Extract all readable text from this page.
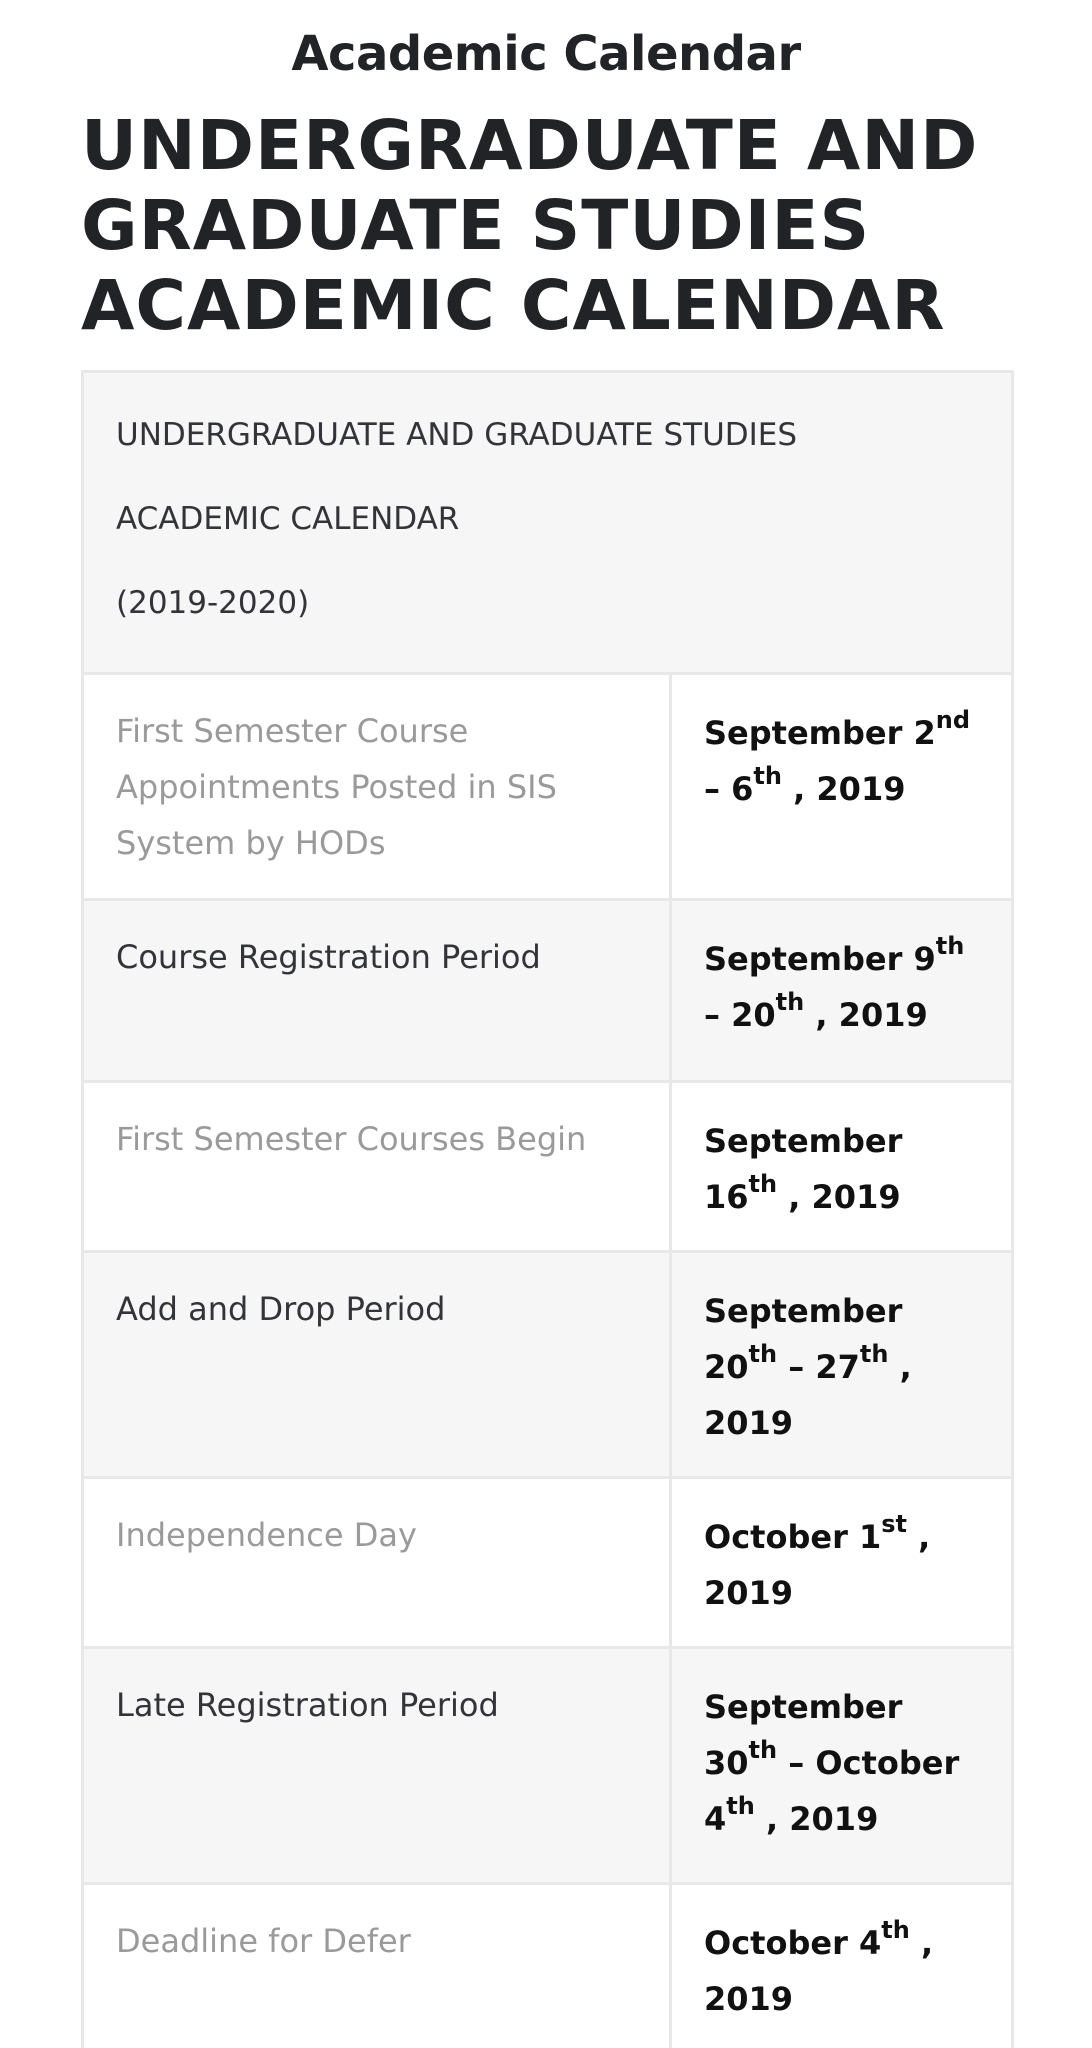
Academic Calendar
UNDERGRADUATE AND GRADUATE STUDIES ACADEMIC CALENDAR
UNDERGRADUATE AND GRADUATE STUDIES
ACADEMIC CALENDAR
(2019-2020)	

First Semester Course Appointments Posted in SIS System by HODs	September 2nd – 6th , 2019
Course Registration Period	September 9th – 20th , 2019
First Semester Courses Begin	September 16th , 2019
Add and Drop Period	September 20th – 27th , 2019
Independence Day	October 1st , 2019
Late Registration Period	September 30th – October 4th , 2019
Deadline for Defer	October 4th , 2019
